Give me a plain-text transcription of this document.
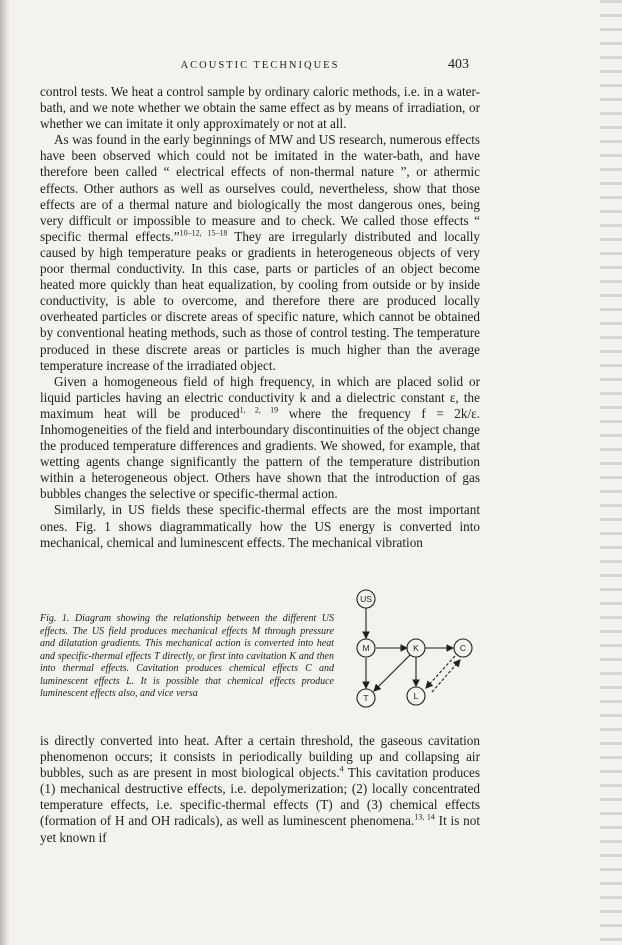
ACOUSTIC TECHNIQUES	403

control tests. We heat a control sample by ordinary caloric methods, i.e. in a water-bath, and we note whether we obtain the same effect as by means of irradiation, or whether we can imitate it only approximately or not at all.

As was found in the early beginnings of MW and US research, numerous effects have been observed which could not be imitated in the water-bath, and have therefore been called “ electrical effects of non-thermal nature ”, or athermic effects. Other authors as well as ourselves could, nevertheless, show that those effects are of a thermal nature and biologically the most dangerous ones, being very difficult or impossible to measure and to check. We called those effects “ specific thermal effects.”$^{10-12, 15-18}$ They are irregularly distributed and locally caused by high temperature peaks or gradients in heterogeneous objects of very poor thermal conductivity. In this case, parts or particles of an object become heated more quickly than heat equalization, by cooling from outside or by inside conductivity, is able to overcome, and therefore there are produced locally overheated particles or discrete areas of specific nature, which cannot be obtained by conventional heating methods, such as those of control testing. The temperature produced in these discrete areas or particles is much higher than the average temperature increase of the irradiated object.

Given a homogeneous field of high frequency, in which are placed solid or liquid particles having an electric conductivity k and a dielectric constant ε, the maximum heat will be produced$^{1, 2, 19}$ where the frequency f = 2k/ε. Inhomogeneities of the field and interboundary discontinuities of the object change the produced temperature differences and gradients. We showed, for example, that wetting agents change significantly the pattern of the temperature distribution within a heterogeneous object. Others have shown that the introduction of gas bubbles changes the selective or specific-thermal action.

Similarly, in US fields these specific-thermal effects are the most important ones. Fig. 1 shows diagrammatically how the US energy is converted into mechanical, chemical and luminescent effects. The mechanical vibration

Fig. 1. Diagram showing the relationship between the different US effects. The US field produces mechanical effects M through pressure and dilatation gradients. This mechanical action is converted into heat and specific-thermal effects T directly, or first into cavitation K and then into thermal effects. Cavitation produces chemical effects C and luminescent effects L. It is possible that chemical effects produce luminescent effects also, and vice versa
US
M	K	C
T	L

is directly converted into heat. After a certain threshold, the gaseous cavitation phenomenon occurs; it consists in periodically building up and collapsing air bubbles, such as are present in most biological objects.$^4$ This cavitation produces (1) mechanical destructive effects, i.e. depolymerization; (2) locally concentrated temperature effects, i.e. specific-thermal effects (T) and (3) chemical effects (formation of H and OH radicals), as well as luminescent phenomena.$^{13, 14}$ It is not yet known if
